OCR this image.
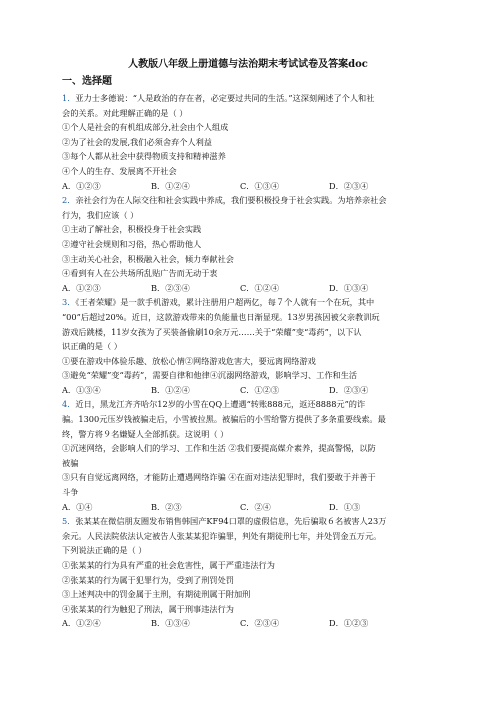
人教版八年级上册道德与法治期末考试试卷及答案doc
一、选择题
1．亚力士多德说：“人是政治的存在者，必定要过共同的生活。”这深刻阐述了个人和社
会的关系。对此理解正确的是（ ）
①个人是社会的有机组成部分,社会由个人组成
②为了社会的发展,我们必须舍弃个人利益
③每个人都从社会中获得物质支持和精神滋养
④个人的生存、发展离不开社会
A．①②③	B．①②④	C．①③④	D．②③④
2．亲社会行为在人际交往和社会实践中养成，我们要积极投身于社会实践。为培养亲社会
行为，我们应该（ ）
①主动了解社会，积极投身于社会实践
②遵守社会规则和习俗，热心帮助他人
③主动关心社会，积极融入社会，倾力奉献社会
④看到有人在公共场所乱贴广告而无动于衷
A．①②③	B．②③④	C．①②④	D．①③④
3．《王者荣耀》是一款手机游戏，累计注册用户超两亿，每７个人就有一个在玩，其中
“00”后超过20%。近日，这款游戏带来的负能量也日渐显现。13岁男孩因被父亲教训玩
游戏后跳楼，11岁女孩为了买装备偷刷10余万元……关于“荣耀”变“毒药”，以下认
识正确的是（ ）
①要在游戏中体验乐趣、放松心情②网络游戏危害大，要远离网络游戏
③避免“荣耀”变“毒药”，需要自律和他律④沉溺网络游戏，影响学习、工作和生活
A．①③④	B．①②④	C．①②③	D．②③④
4．近日，黑龙江齐齐哈尔12岁的小雪在QQ上遭遇“转账888元，返还8888元”的诈
骗。1300元压岁钱被骗走后，小雪被拉黑。被骗后的小雪给警方提供了多条重要线索。最
终，警方将９名嫌疑人全部抓获。这说明（ ）
①沉迷网络，会影响人们的学习、工作和生活 ②我们要提高媒介素养，提高警惕，以防
被骗
③只有自觉远离网络，才能防止遭遇网络诈骗 ④在面对违法犯罪时，我们要敢于并善于
斗争
A．①④	B．②③	C．②④	D．①③
5．张某某在微信朋友圈发布销售韩国产KF94口罩的虚假信息，先后骗取６名被害人23万
余元。人民法院依法认定被告人张某某犯诈骗罪，判处有期徒刑七年，并处罚金五万元。
下列说法正确的是（ ）
①张某某的行为具有严重的社会危害性，属于严重违法行为
②张某某的行为属于犯罪行为，受到了刑罚处罚
③上述判决中的罚金属于主刑，有期徒刑属于附加刑
④张某某的行为触犯了刑法，属于刑事违法行为
A．①②④	B．①③④	C．②③④	D．①②③
